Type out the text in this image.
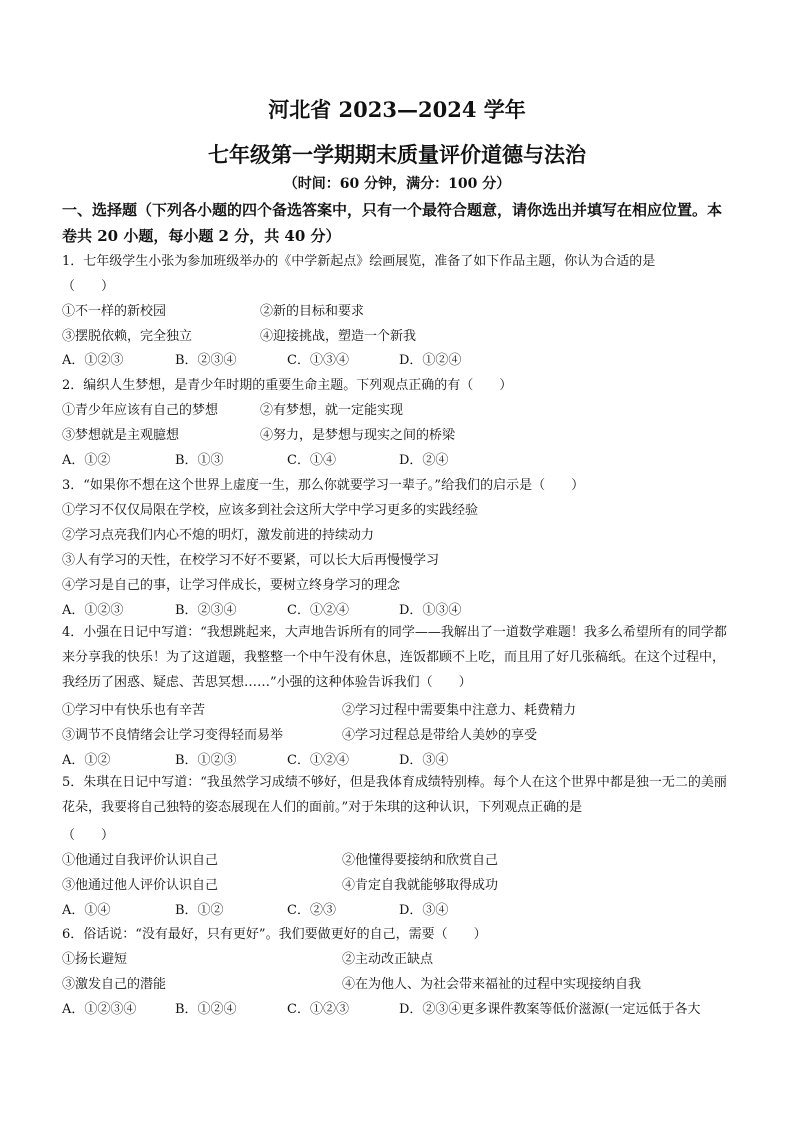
河北省 2023—2024 学年
七年级第一学期期末质量评价道德与法治
（时间：60 分钟，满分：100 分）
一、选择题（下列各小题的四个备选答案中，只有一个最符合题意，请你选出并填写在相应位置。本卷共 20 小题，每小题 2 分，共 40 分）
1．七年级学生小张为参加班级举办的《中学新起点》绘画展览，准备了如下作品主题，你认为合适的是
（　　）
①不一样的新校园	②新的目标和要求
③摆脱依赖，完全独立	④迎接挑战，塑造一个新我
A．①②③	B．②③④	C．①③④	D．①②④
2．编织人生梦想，是青少年时期的重要生命主题。下列观点正确的有（　　）
①青少年应该有自己的梦想	②有梦想，就一定能实现
③梦想就是主观臆想	④努力，是梦想与现实之间的桥梁
A．①②	B．①③	C．①④	D．②④
3．“如果你不想在这个世界上虚度一生，那么你就要学习一辈子。”给我们的启示是（　　）
①学习不仅仅局限在学校，应该多到社会这所大学中学习更多的实践经验
②学习点亮我们内心不熄的明灯，激发前进的持续动力
③人有学习的天性，在校学习不好不要紧，可以长大后再慢慢学习
④学习是自己的事，让学习伴成长，要树立终身学习的理念
A．①②③	B．②③④	C．①②④	D．①③④
4．小强在日记中写道：“我想跳起来，大声地告诉所有的同学——我解出了一道数学难题！我多么希望所有的同学都来分享我的快乐！为了这道题，我整整一个中午没有休息，连饭都顾不上吃，而且用了好几张稿纸。在这个过程中，我经历了困惑、疑虑、苦思冥想……”小强的这种体验告诉我们（　　）
①学习中有快乐也有辛苦	②学习过程中需要集中注意力、耗费精力
③调节不良情绪会让学习变得轻而易举	④学习过程总是带给人美妙的享受
A．①②	B．①②③	C．①②④	D．③④
5．朱琪在日记中写道：“我虽然学习成绩不够好，但是我体育成绩特别棒。每个人在这个世界中都是独一无二的美丽花朵，我要将自己独特的姿态展现在人们的面前。”对于朱琪的这种认识，下列观点正确的是
（　　）
①他通过自我评价认识自己	②他懂得要接纳和欣赏自己
③他通过他人评价认识自己	④肯定自我就能够取得成功
A．①④	B．①②	C．②③	D．③④
6．俗话说：“没有最好，只有更好”。我们要做更好的自己，需要（　　）
①扬长避短	②主动改正缺点
③激发自己的潜能	④在为他人、为社会带来福祉的过程中实现接纳自我
A．①②③④	B．①②④	C．①②③	D．②③④更多课件教案等低价滋源(一定远低于各大
